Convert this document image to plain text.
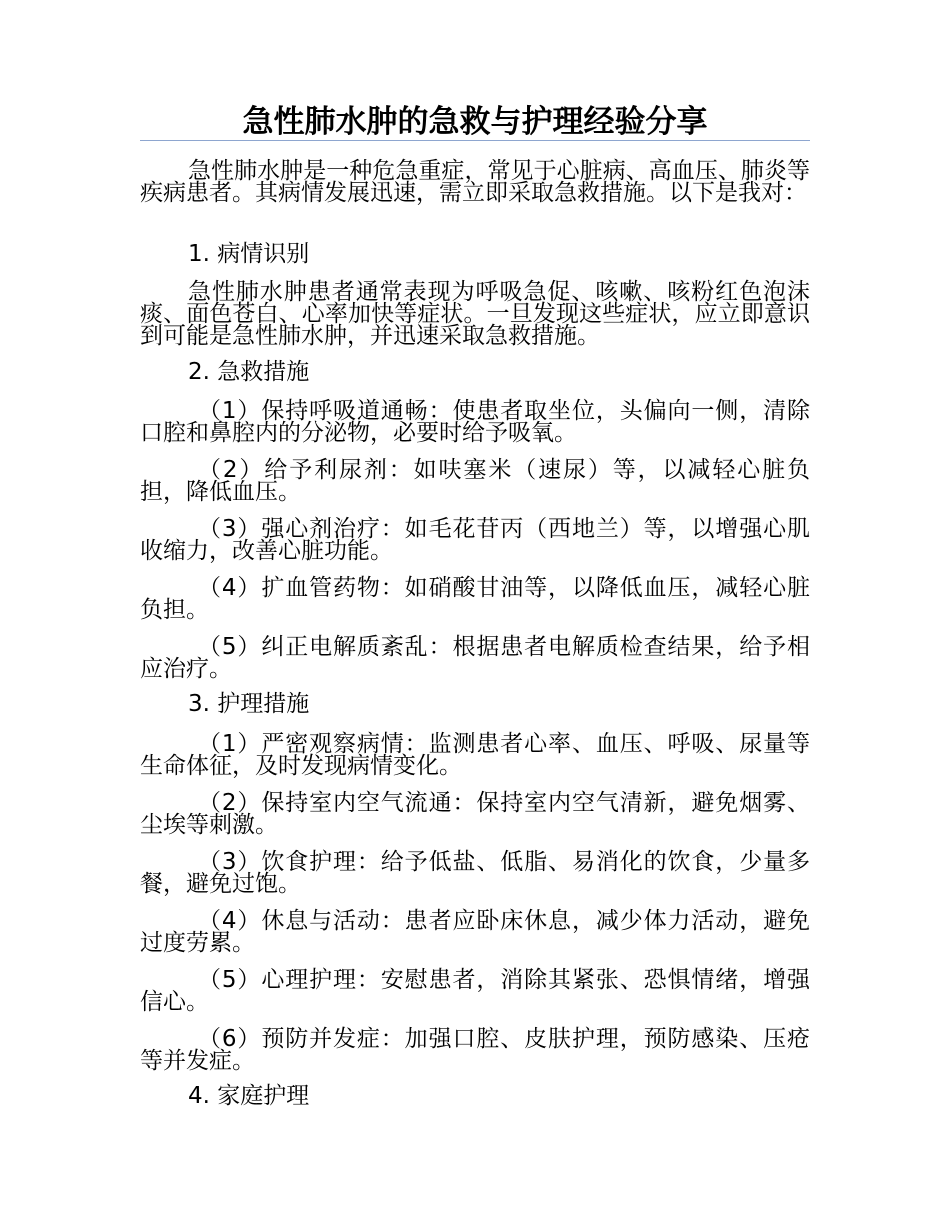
急性肺水肿的急救与护理经验分享
急性肺水肿是一种危急重症，常见于心脏病、高血压、肺炎等疾病患者。其病情发展迅速，需立即采取急救措施。以下是我对：
1. 病情识别
急性肺水肿患者通常表现为呼吸急促、咳嗽、咳粉红色泡沫痰、面色苍白、心率加快等症状。一旦发现这些症状，应立即意识到可能是急性肺水肿，并迅速采取急救措施。
2. 急救措施
（1）保持呼吸道通畅：使患者取坐位，头偏向一侧，清除口腔和鼻腔内的分泌物，必要时给予吸氧。
（2）给予利尿剂：如呋塞米（速尿）等，以减轻心脏负担，降低血压。
（3）强心剂治疗：如毛花苷丙（西地兰）等，以增强心肌收缩力，改善心脏功能。
（4）扩血管药物：如硝酸甘油等，以降低血压，减轻心脏负担。
（5）纠正电解质紊乱：根据患者电解质检查结果，给予相应治疗。
3. 护理措施
（1）严密观察病情：监测患者心率、血压、呼吸、尿量等生命体征，及时发现病情变化。
（2）保持室内空气流通：保持室内空气清新，避免烟雾、尘埃等刺激。
（3）饮食护理：给予低盐、低脂、易消化的饮食，少量多餐，避免过饱。
（4）休息与活动：患者应卧床休息，减少体力活动，避免过度劳累。
（5）心理护理：安慰患者，消除其紧张、恐惧情绪，增强信心。
（6）预防并发症：加强口腔、皮肤护理，预防感染、压疮等并发症。
4. 家庭护理
